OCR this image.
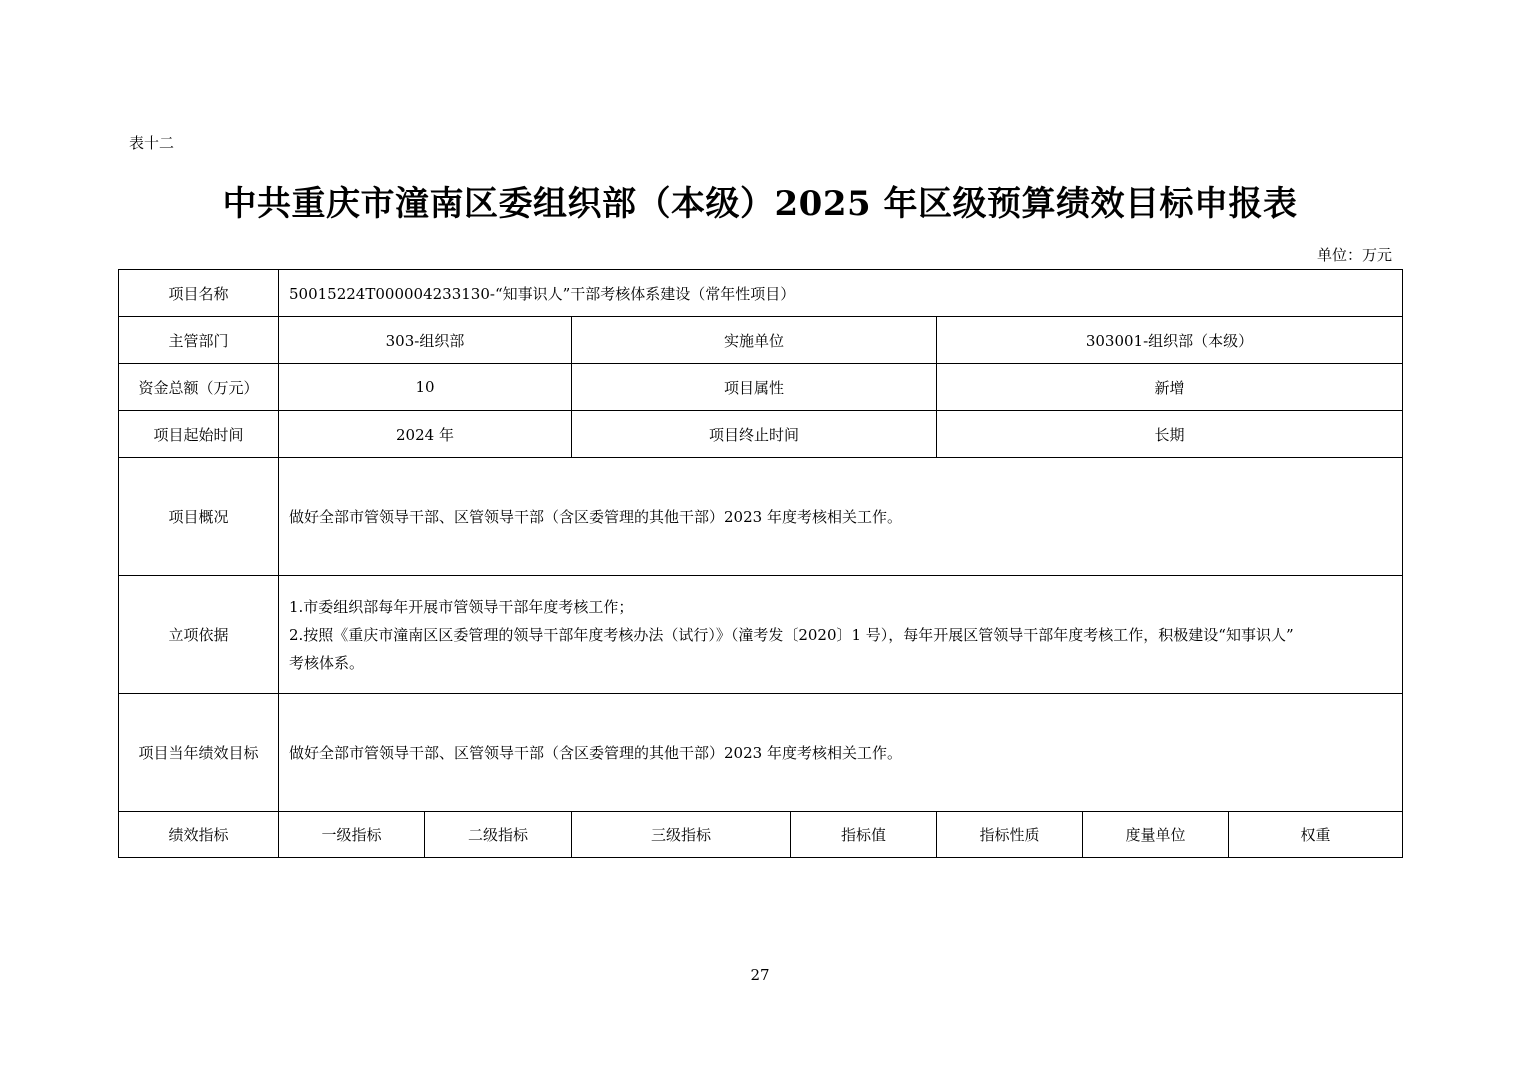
表十二
中共重庆市潼南区委组织部（本级）2025 年区级预算绩效目标申报表
单位：万元
项目名称	50015224T000004233130-“知事识人”干部考核体系建设（常年性项目）						
主管部门	303-组织部		实施单位		303001-组织部（本级）		
资金总额（万元）	10		项目属性		新增		
项目起始时间	2024 年		项目终止时间		长期		
项目概况	做好全部市管领导干部、区管领导干部（含区委管理的其他干部）2023 年度考核相关工作。						
立项依据	1.市委组织部每年开展市管领导干部年度考核工作；
2.按照《重庆市潼南区区委管理的领导干部年度考核办法（试行）》（潼考发〔2020〕1 号），每年开展区管领导干部年度考核工作，积极建设“知事识人”
考核体系。						

项目当年绩效目标	做好全部市管领导干部、区管领导干部（含区委管理的其他干部）2023 年度考核相关工作。						
绩效指标	一级指标	二级指标	三级指标	指标值	指标性质	度量单位	权重
27
